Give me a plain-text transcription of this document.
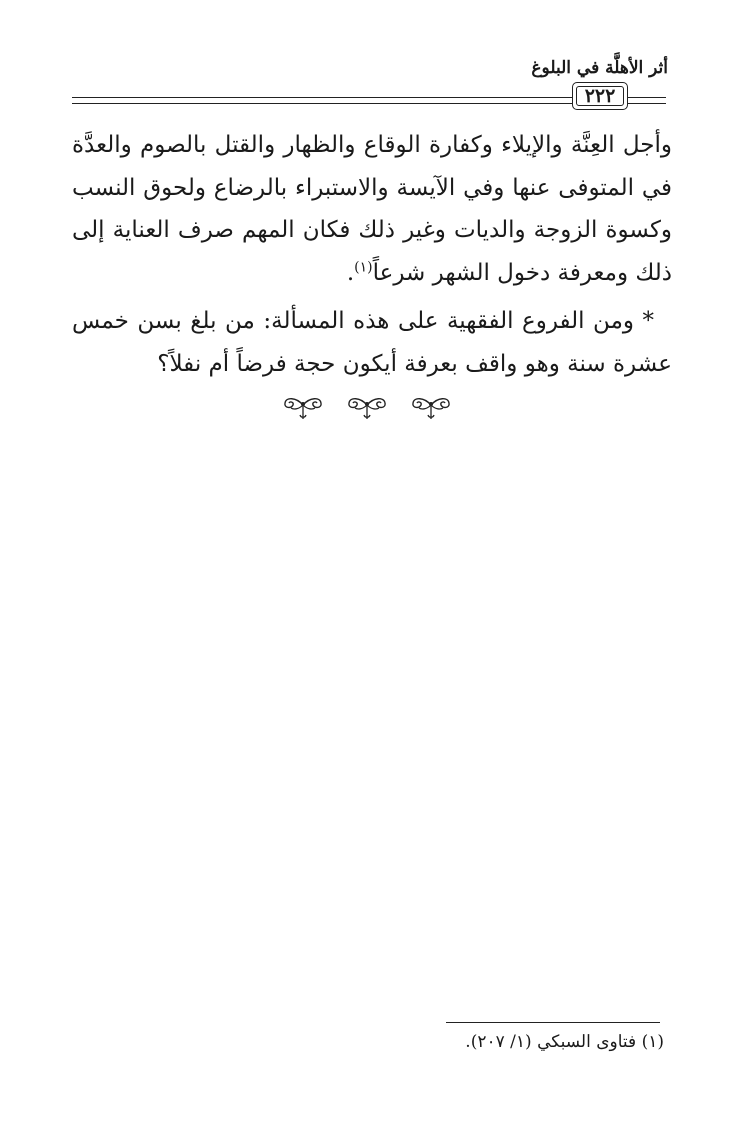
أثر الأهلَّة في البلوغ
٢٢٢

وأجل العِنَّة والإيلاء وكفارة الوقاع والظهار والقتل بالصوم والعدَّة في المتوفى عنها وفي الآيسة والاستبراء بالرضاع ولحوق النسب وكسوة الزوجة والديات وغير ذلك فكان المهم صرف العناية إلى ذلك ومعرفة دخول الشهر شرعاً$^{(١)}$.

* ومن الفروع الفقهية على هذه المسألة: من بلغ بسن خمس عشرة سنة وهو واقف بعرفة أيكون حجة فرضاً أم نفلاً؟

(١) فتاوى السبكي (١/ ٢٠٧).
